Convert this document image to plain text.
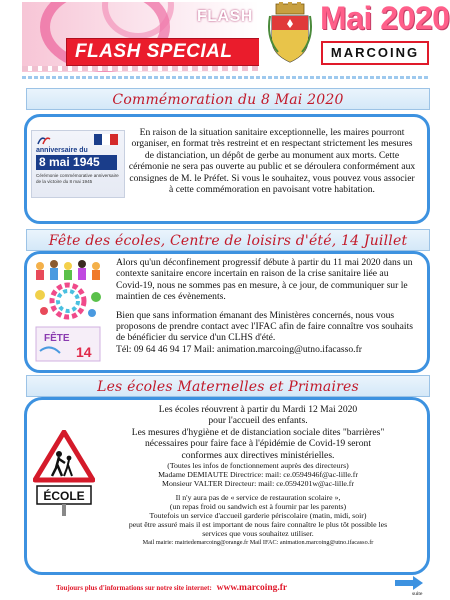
FLASH
FLASH SPECIAL
Mai 2020
MARCOING
Commémoration du 8 Mai 2020
anniversaire du
8 mai 1945
Cérémonie commémorative anniversaire de la victoire du 8 mai 1945
En raison de la situation sanitaire exceptionnelle, les maires pourront organiser, en format très restreint et en respectant strictement les mesures de distanciation, un dépôt de gerbe au monument aux morts. Cette cérémonie ne sera pas ouverte au public et se déroulera conformément aux consignes de M. le Préfet. Si vous le souhaitez, vous pouvez vous associer à cette commémoration en pavoisant votre habitation.
Fête des écoles, Centre de loisirs d'été, 14 Juillet
FÊTE
14

Alors qu'un déconfinement progressif débute à partir du 11 mai 2020 dans un contexte sanitaire encore incertain en raison de la crise sanitaire liée au Covid-19, nous ne sommes pas en mesure, à ce jour, de communiquer sur le maintien de ces évènements.

Bien que sans information émanant des Ministères concernés, nous vous proposons de prendre contact avec l'IFAC afin de faire connaître vos souhaits de bénéficier du service d'un CLHS d'été.
Tél: 09 64 46 94 17 Mail: animation.marcoing@utno.ifacasso.fr

Les écoles Maternelles et Primaires
ÉCOLE
Les écoles réouvrent à partir du Mardi 12 Mai 2020
pour l'accueil des enfants.
Les mesures d'hygiène et de distanciation sociale dites "barrières"
nécessaires pour faire face à l'épidémie de Covid-19 seront
conformes aux directives ministérielles.
(Toutes les infos de fonctionnement auprès des directeurs)
Madame DEMIAUTE Directrice: mail: ce.0594946f@ac-lille.fr
Monsieur VALTER Directeur: mail: ce.0594201w@ac-lille.fr
Il n'y aura pas de « service de restauration scolaire »,
(un repas froid ou sandwich est à fournir par les parents)
Toutefois un service d'accueil garderie périscolaire (matin, midi, soir)
peut être assuré mais il est important de nous faire connaître le plus tôt possible les
services que vous souhaitez utiliser.
Mail mairie: mairiedemarcoing@orange.fr Mail IFAC: animation.marcoing@utno.ifacasso.fr
Toujours plus d'informations sur notre site internet: www.marcoing.fr
suite
